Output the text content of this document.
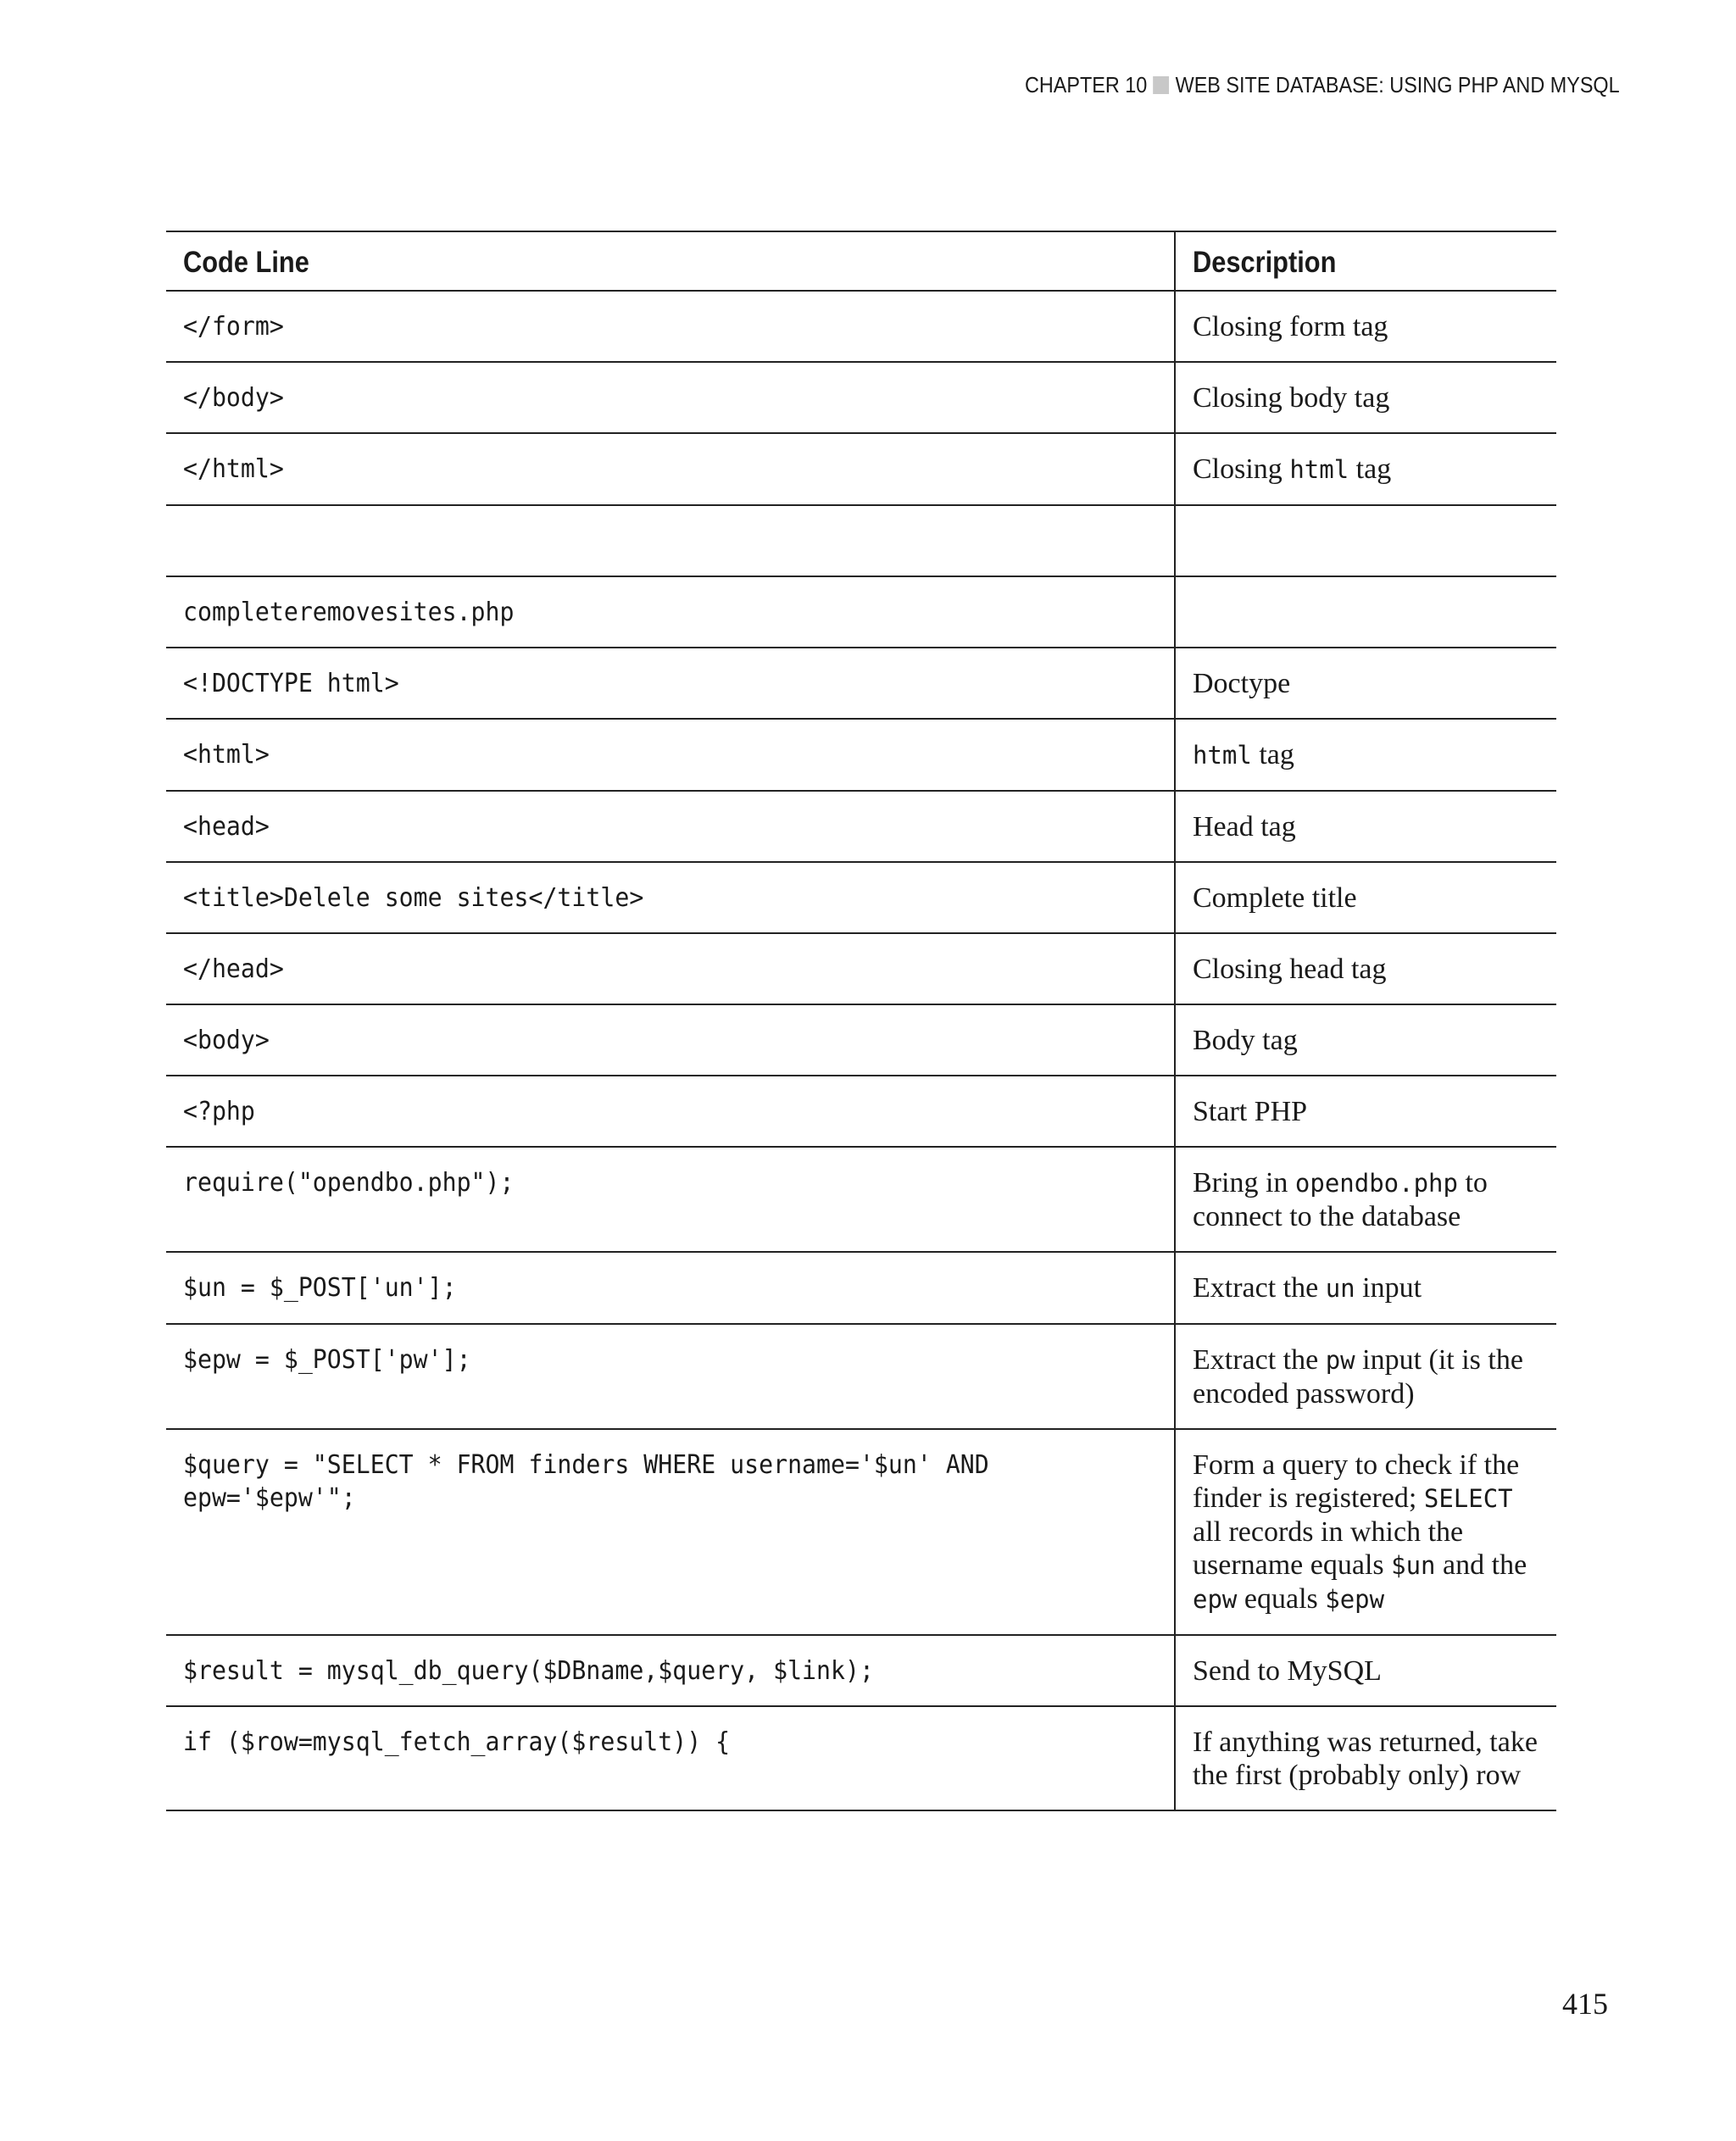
CHAPTER 10 WEB SITE DATABASE: USING PHP AND MYSQL
Code Line	Description
</form>	Closing form tag
</body>	Closing body tag
</html>	Closing html tag

completeremovesites.php	
<!DOCTYPE html>	Doctype
<html>	html tag
<head>	Head tag
<title>Delele some sites</title>	Complete title
</head>	Closing head tag
<body>	Body tag
<?php	Start PHP
require("opendbo.php");	Bring in opendbo.php to connect to the database
$un = $_POST['un'];	Extract the un input
$epw = $_POST['pw'];	Extract the pw input (it is the encoded password)
$query = "SELECT * FROM finders WHERE username='$un' AND
epw='$epw'";	Form a query to check if the finder is registered; SELECT all records in which the username equals $un and the epw equals $epw
$result = mysql_db_query($DBname,$query, $link);	Send to MySQL
if ($row=mysql_fetch_array($result)) {	If anything was returned, take the first (probably only) row
415
